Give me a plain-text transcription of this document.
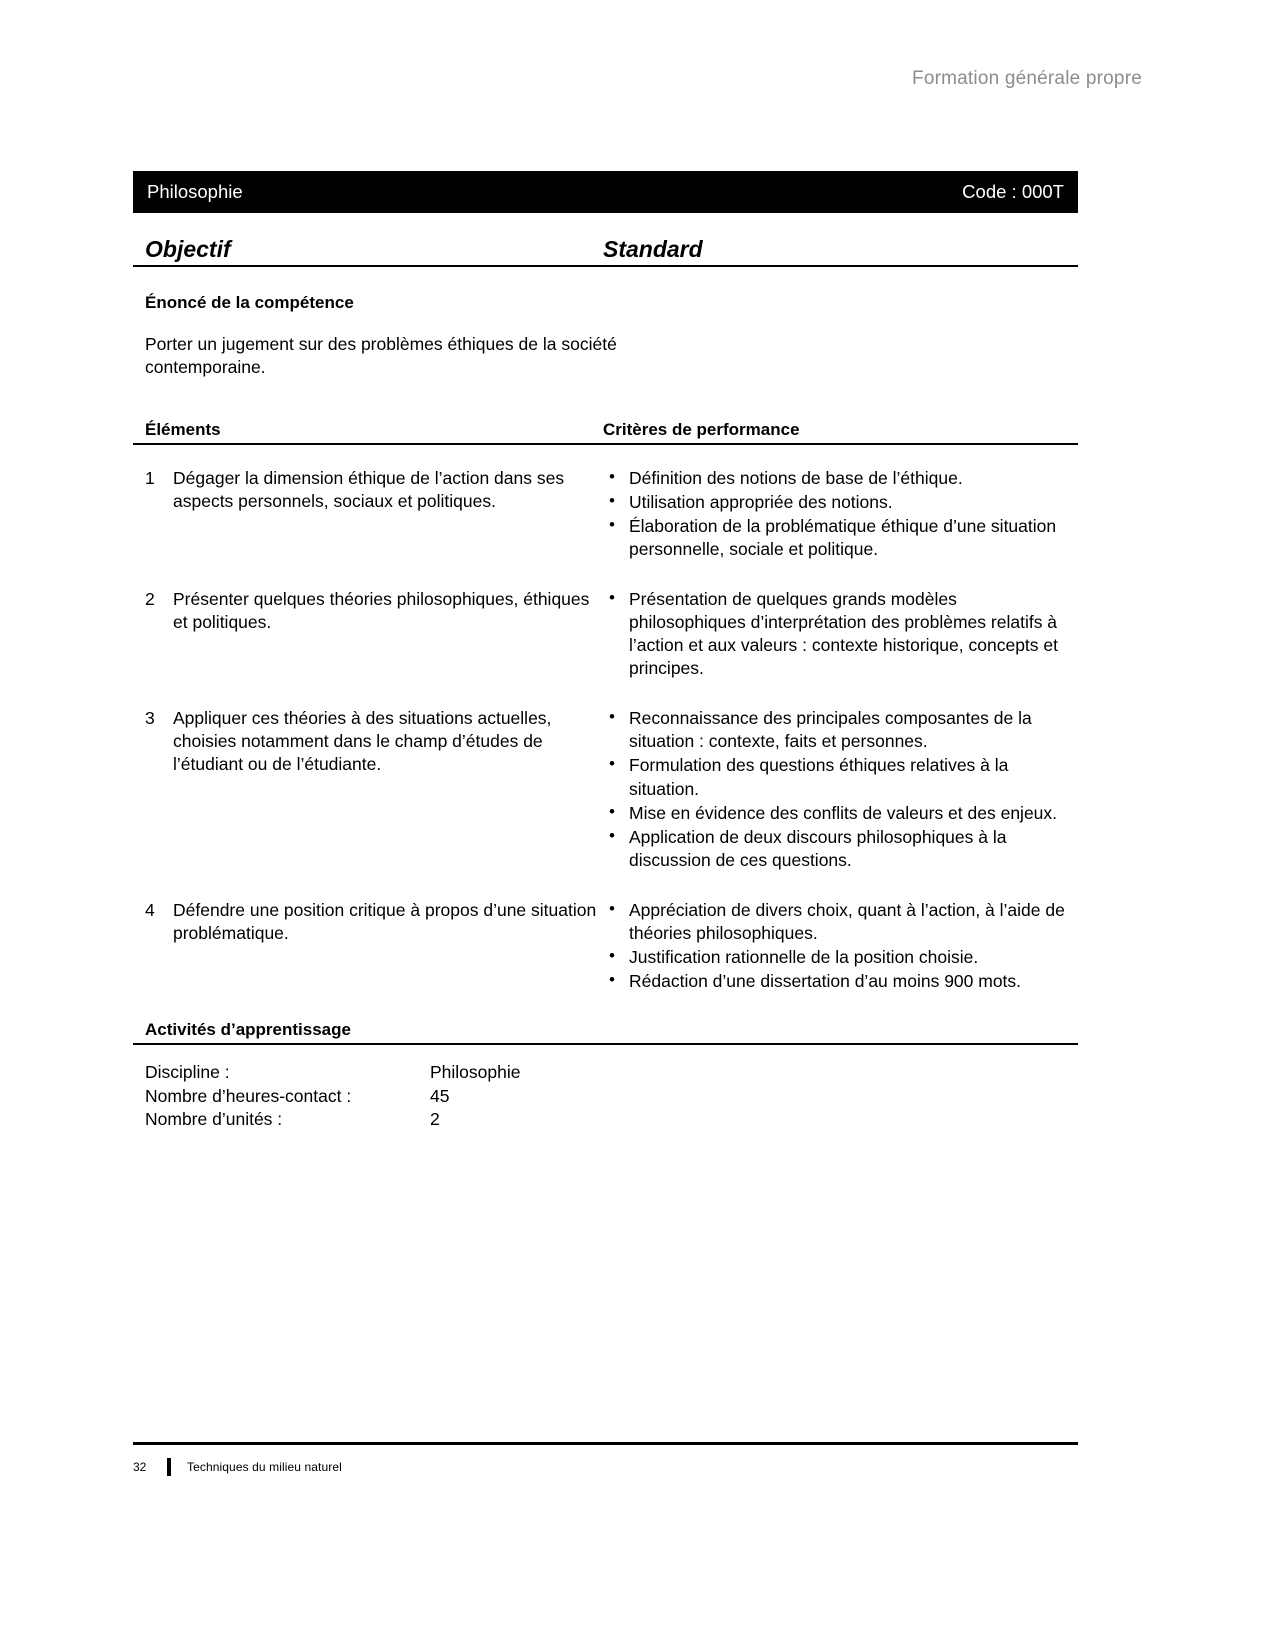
Formation générale propre
Philosophie	Code : 000T
Objectif	Standard
Énoncé de la compétence
Porter un jugement sur des problèmes éthiques de la société contemporaine.
Éléments	Critères de performance
1	Dégager la dimension éthique de l’action dans ses aspects personnels, sociaux et politiques.
• Définition des notions de base de l’éthique.
• Utilisation appropriée des notions.
• Élaboration de la problématique éthique d’une situation personnelle, sociale et politique.
2	Présenter quelques théories philosophiques, éthiques et politiques.
• Présentation de quelques grands modèles philosophiques d’interprétation des problèmes relatifs à l’action et aux valeurs : contexte historique, concepts et principes.
3	Appliquer ces théories à des situations actuelles, choisies notamment dans le champ d’études de l’étudiant ou de l’étudiante.
• Reconnaissance des principales composantes de la situation : contexte, faits et personnes.
• Formulation des questions éthiques relatives à la situation.
• Mise en évidence des conflits de valeurs et des enjeux.
• Application de deux discours philosophiques à la discussion de ces questions.
4	Défendre une position critique à propos d’une situation problématique.
• Appréciation de divers choix, quant à l’action, à l’aide de théories philosophiques.
• Justification rationnelle de la position choisie.
• Rédaction d’une dissertation d’au moins 900 mots.
Activités d’apprentissage
Discipline :	Philosophie
Nombre d’heures-contact :	45
Nombre d’unités :	2
32	Techniques du milieu naturel
